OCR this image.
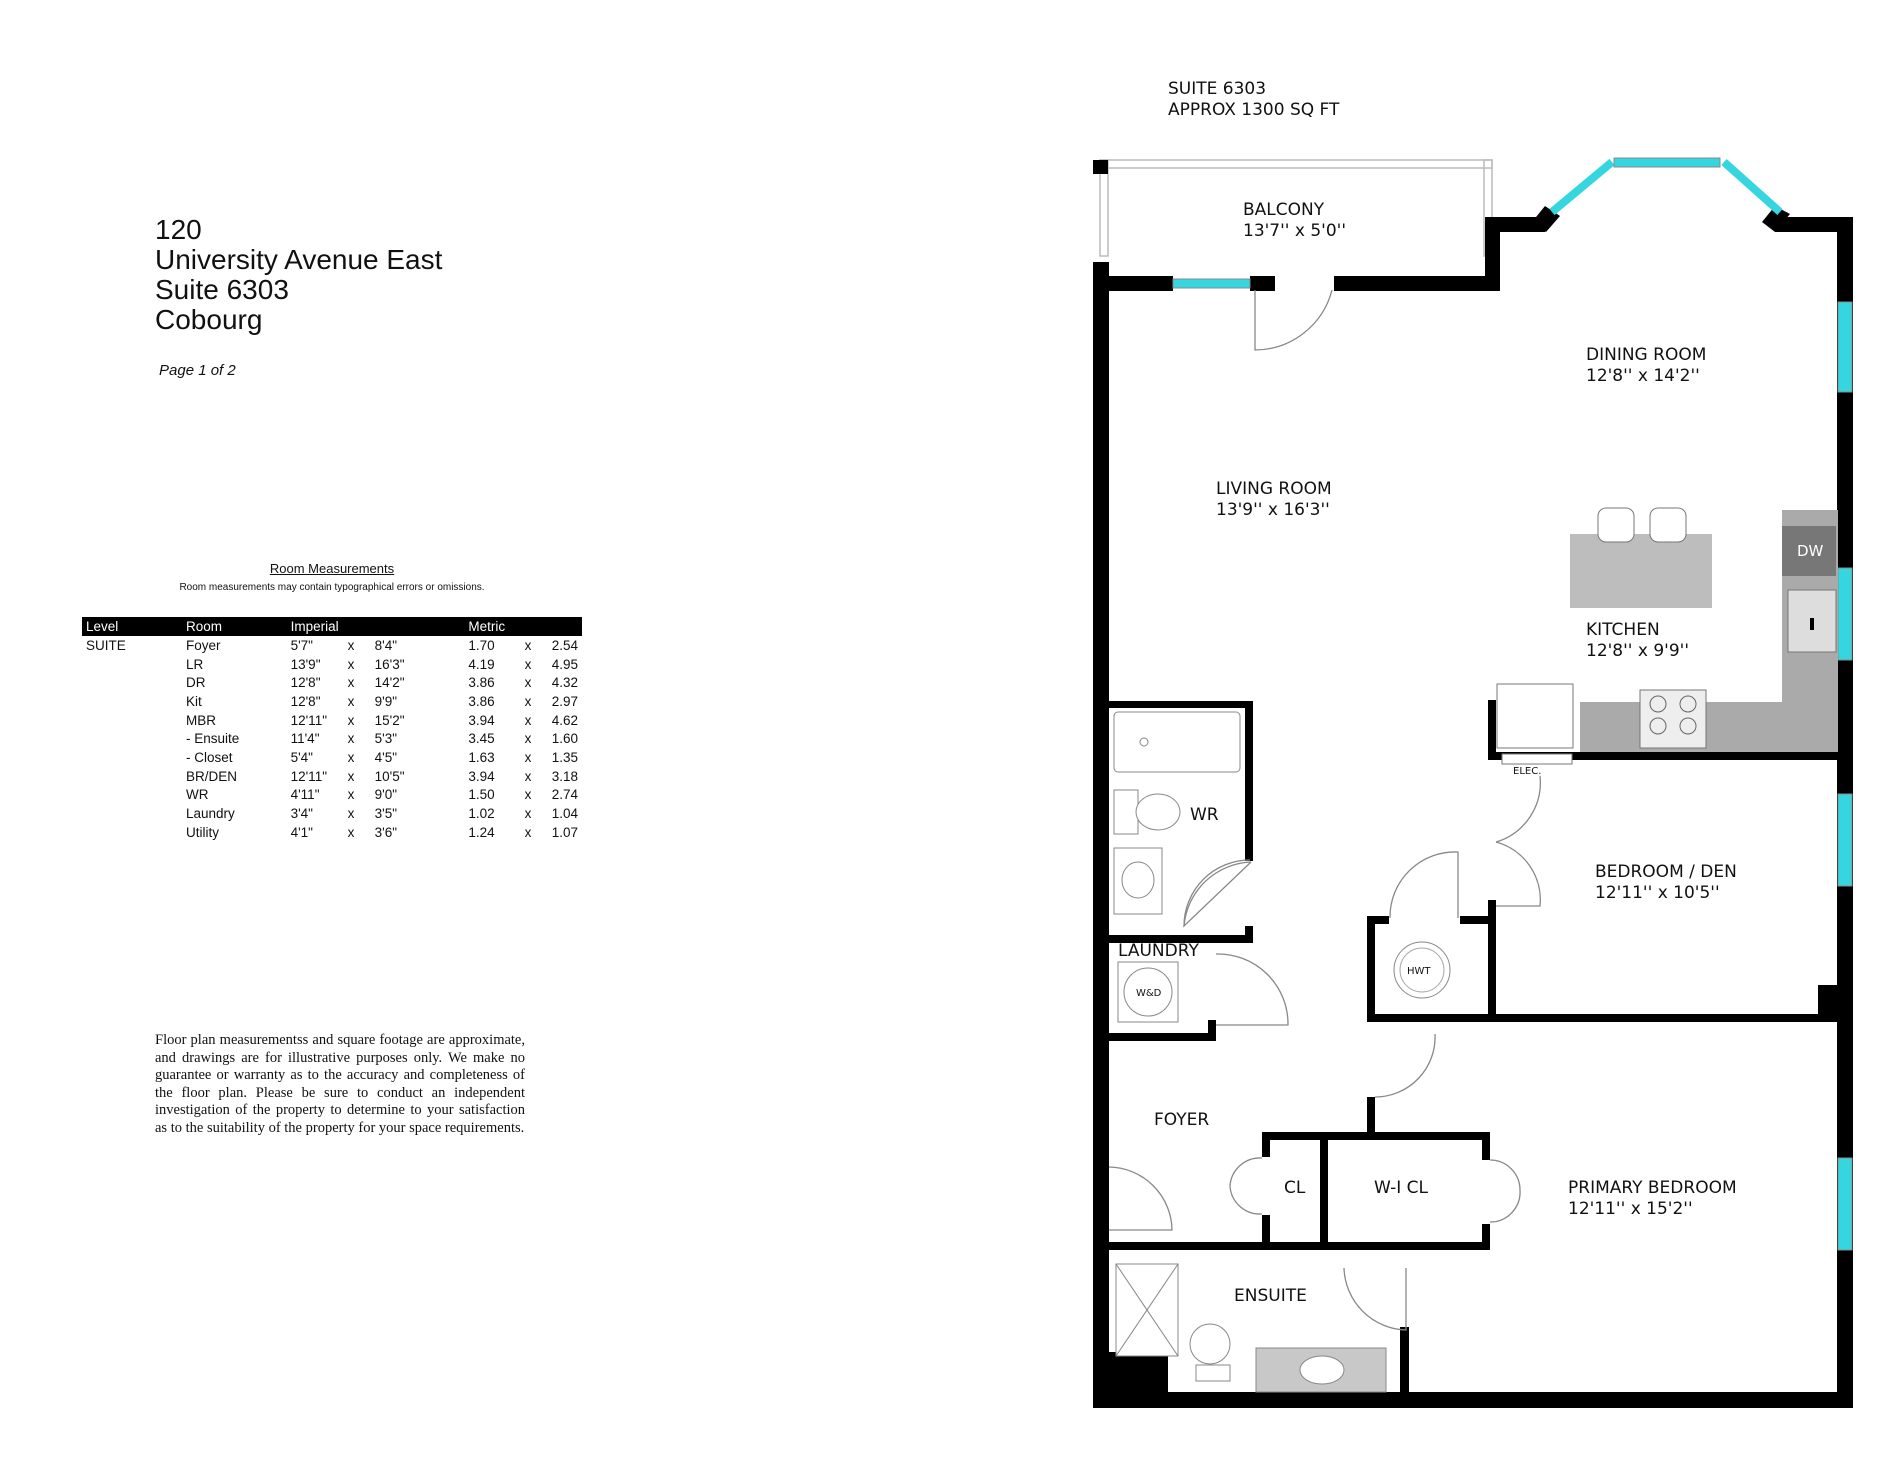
120
University Avenue East
Suite 6303
Cobourg
Page 1 of 2
Room Measurements
Room measurements may contain typographical errors or omissions.
Level	Room	Imperial			Metric		
SUITE	Foyer	5'7"	x	8'4"	1.70	x	2.54
	LR	13'9"	x	16'3"	4.19	x	4.95
	DR	12'8"	x	14'2"	3.86	x	4.32
	Kit	12'8"	x	9'9"	3.86	x	2.97
	MBR	12'11"	x	15'2"	3.94	x	4.62
	- Ensuite	11'4"	x	5'3"	3.45	x	1.60
	- Closet	5'4"	x	4'5"	1.63	x	1.35
	BR/DEN	12'11"	x	10'5"	3.94	x	3.18
	WR	4'11"	x	9'0"	1.50	x	2.74
	Laundry	3'4"	x	3'5"	1.02	x	1.04
	Utility	4'1"	x	3'6"	1.24	x	1.07
Floor plan measurementss and square footage are approximate, and drawings are for illustrative purposes only. We make no guarantee or warranty as to the accuracy and completeness of the floor plan. Please be sure to conduct an independent investigation of the property to determine to your satisfaction as to the suitability of the property for your space requirements.
SUITE 6303
APPROX 1300 SQ FT
DW
W&D
HWT
ELEC.
BALCONY
13'7'' x 5'0''
DINING ROOM
12'8'' x 14'2''
LIVING ROOM
13'9'' x 16'3''
KITCHEN
12'8'' x 9'9''
WR
BEDROOM / DEN
12'11'' x 10'5''
LAUNDRY
FOYER
CL	W-I CL	PRIMARY BEDROOM
12'11'' x 15'2''
ENSUITE
